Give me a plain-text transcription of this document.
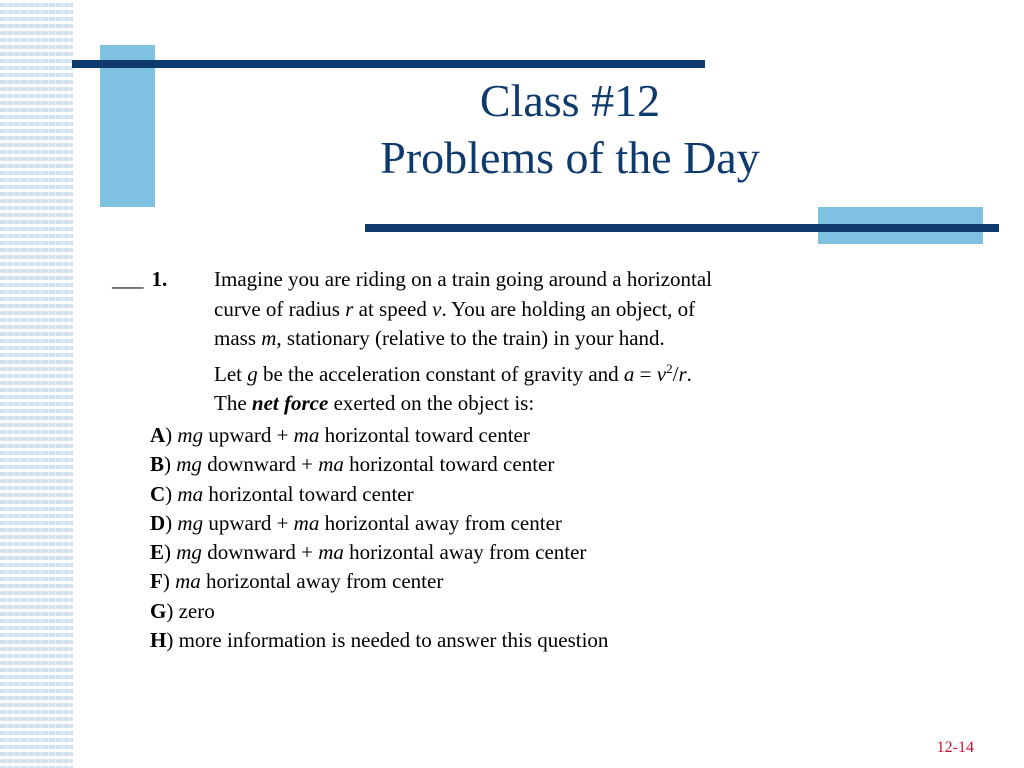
Class #12
Problems of the Day
___ 1. Imagine you are riding on a train going around a horizontal
curve of radius r at speed v. You are holding an object, of
mass m, stationary (relative to the train) in your hand.
Let g be the acceleration constant of gravity and $a = v^2/r$.
The net force exerted on the object is:
A) mg upward + ma horizontal toward center
B) mg downward + ma horizontal toward center
C) ma horizontal toward center
D) mg upward + ma horizontal away from center
E) mg downward + ma horizontal away from center
F) ma horizontal away from center
G) zero
H) more information is needed to answer this question
12-14
